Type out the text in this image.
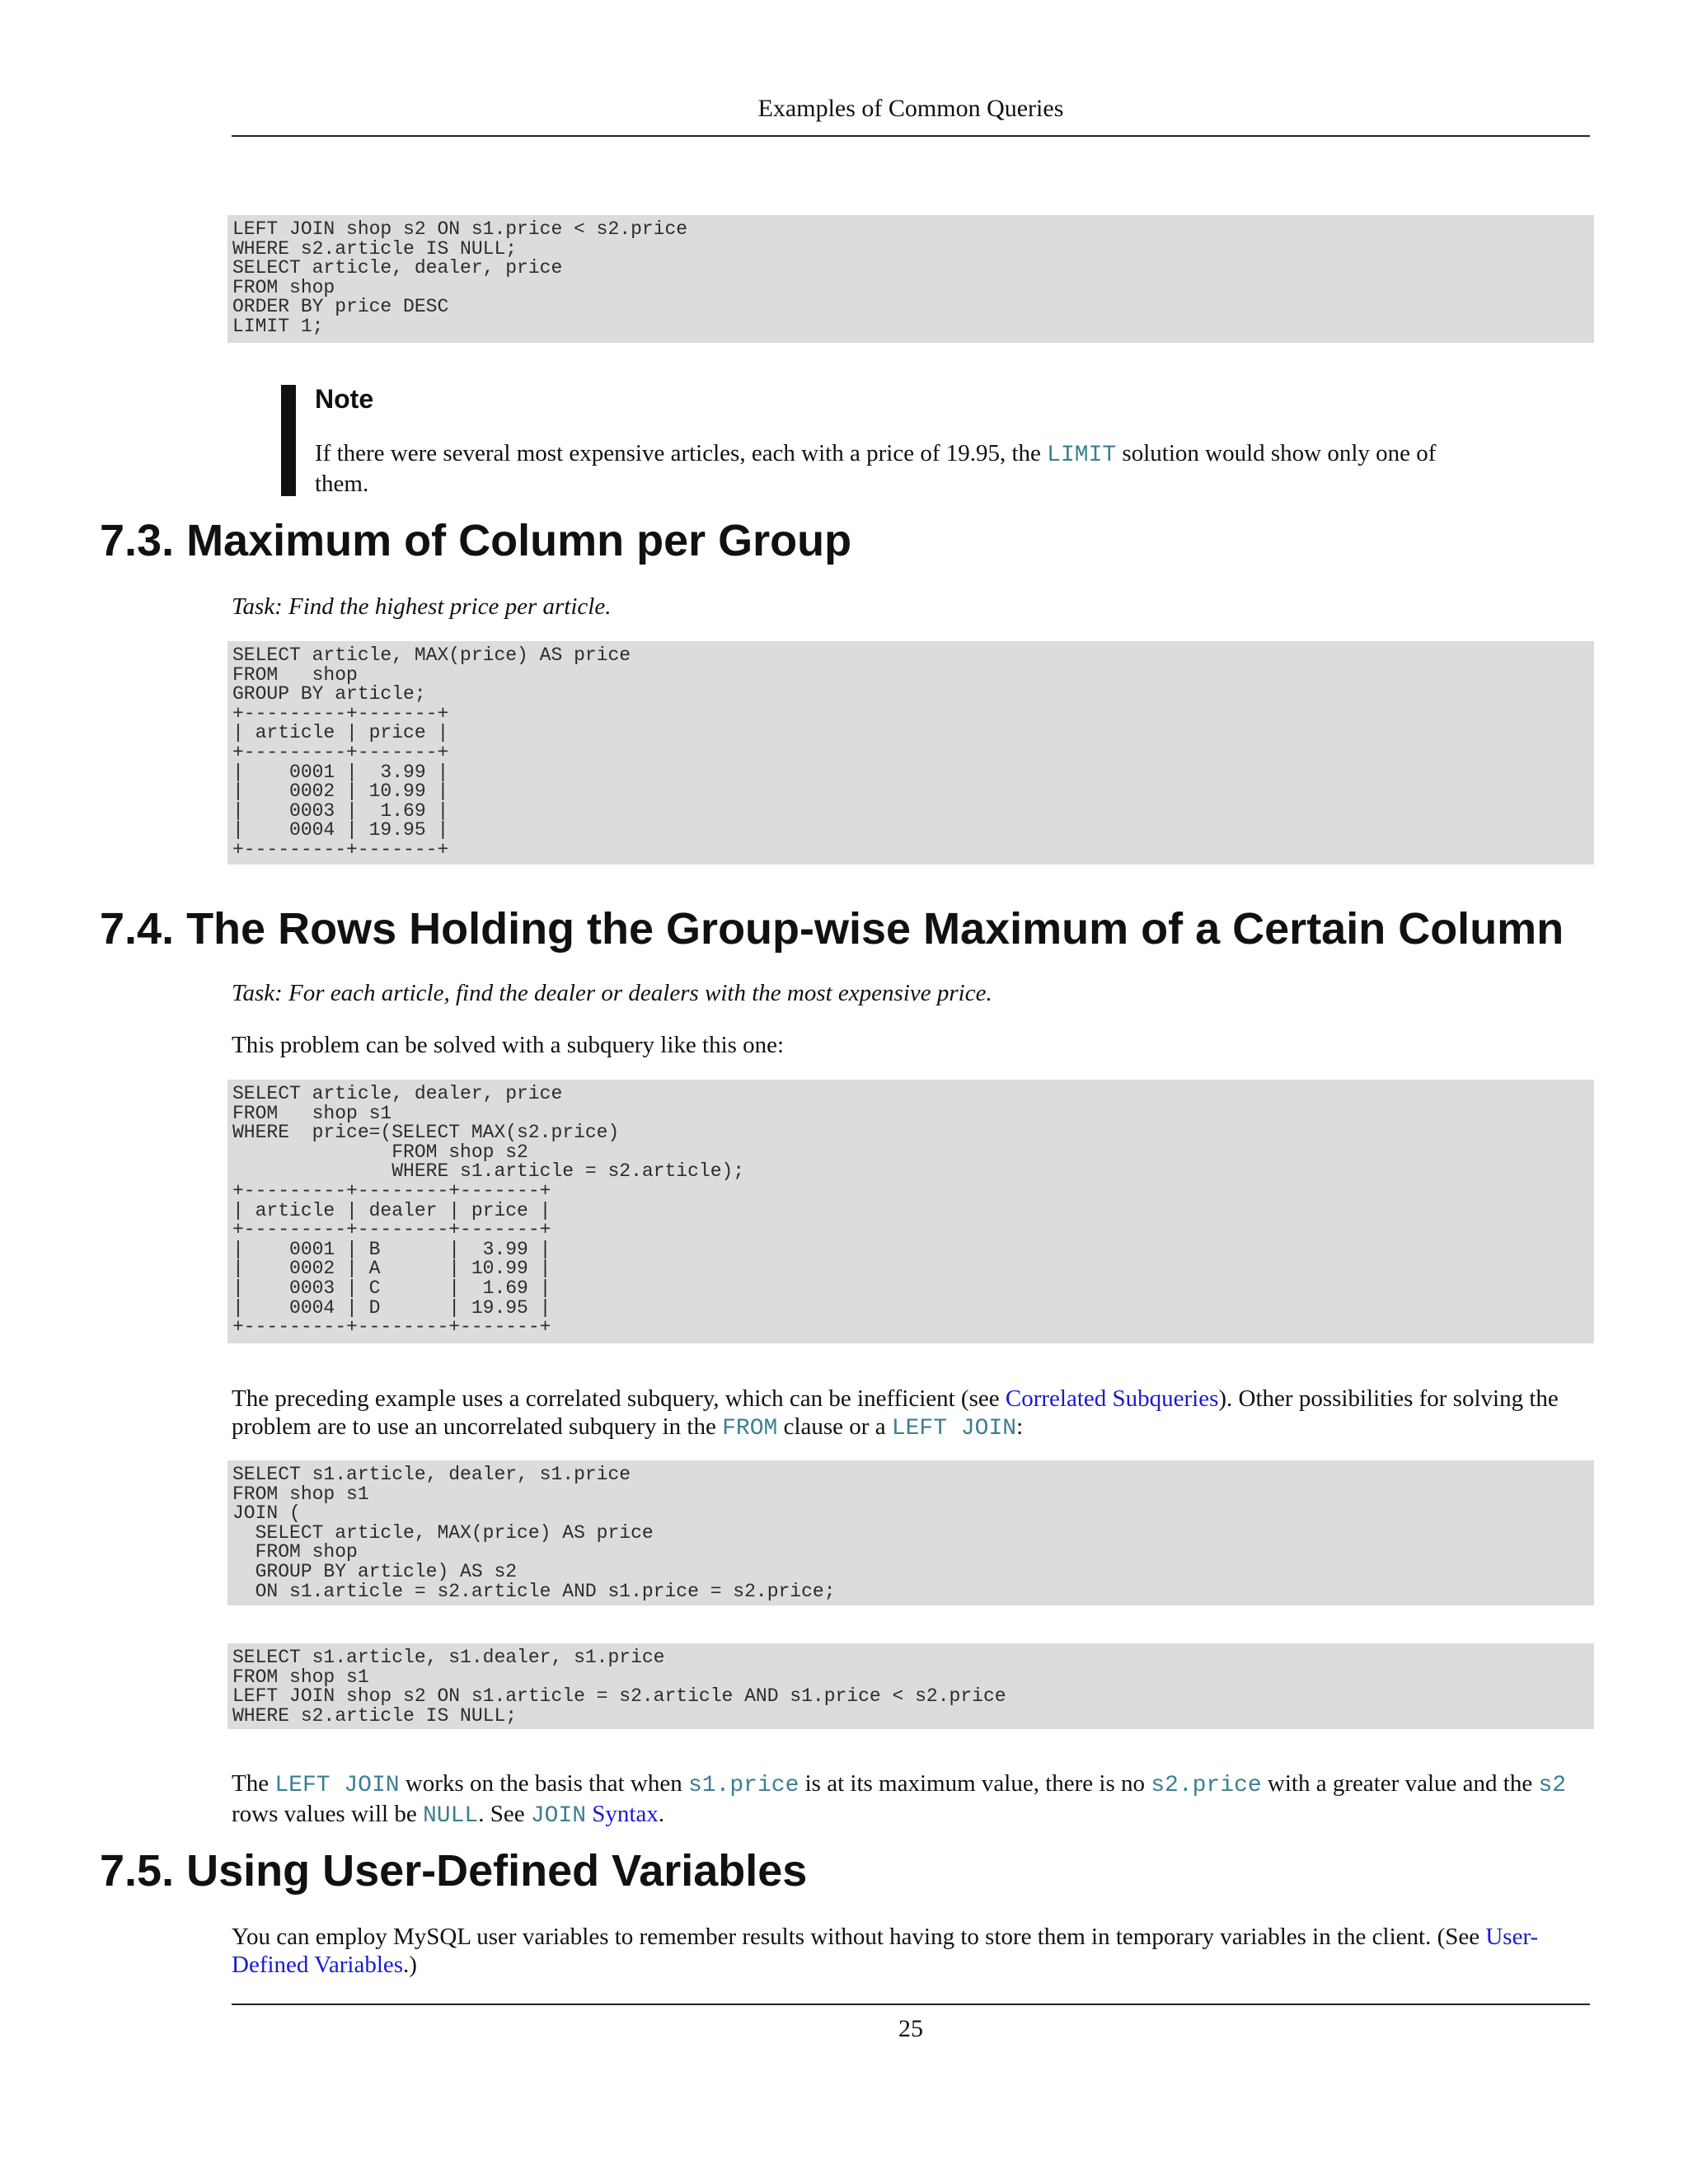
Examples of Common Queries
LEFT JOIN shop s2 ON s1.price < s2.price
WHERE s2.article IS NULL;
SELECT article, dealer, price
FROM shop
ORDER BY price DESC
LIMIT 1;
Note
If there were several most expensive articles, each with a price of 19.95, the LIMIT solution would show only one of them.
7.3. Maximum of Column per Group
Task: Find the highest price per article.
SELECT article, MAX(price) AS price
FROM   shop
GROUP BY article;
+---------+-------+
| article | price |
+---------+-------+
|    0001 |  3.99 |
|    0002 | 10.99 |
|    0003 |  1.69 |
|    0004 | 19.95 |
+---------+-------+
7.4. The Rows Holding the Group-wise Maximum of a Certain Column
Task: For each article, find the dealer or dealers with the most expensive price.
This problem can be solved with a subquery like this one:
SELECT article, dealer, price
FROM   shop s1
WHERE  price=(SELECT MAX(s2.price)
FROM shop s2
WHERE s1.article = s2.article);
+---------+--------+-------+
| article | dealer | price |
+---------+--------+-------+
|    0001 | B      |  3.99 |
|    0002 | A      | 10.99 |
|    0003 | C      |  1.69 |
|    0004 | D      | 19.95 |
+---------+--------+-------+
The preceding example uses a correlated subquery, which can be inefficient (see Correlated Subqueries). Other possibilities for solving the problem are to use an uncorrelated subquery in the FROM clause or a LEFT JOIN:
SELECT s1.article, dealer, s1.price
FROM shop s1
JOIN (
SELECT article, MAX(price) AS price
FROM shop
GROUP BY article) AS s2
ON s1.article = s2.article AND s1.price = s2.price;
SELECT s1.article, s1.dealer, s1.price
FROM shop s1
LEFT JOIN shop s2 ON s1.article = s2.article AND s1.price < s2.price
WHERE s2.article IS NULL;
The LEFT JOIN works on the basis that when s1.price is at its maximum value, there is no s2.price with a greater value and the s2 rows values will be NULL. See JOIN Syntax.
7.5. Using User-Defined Variables
You can employ MySQL user variables to remember results without having to store them in temporary variables in the client. (See User-Defined Variables.)
25
